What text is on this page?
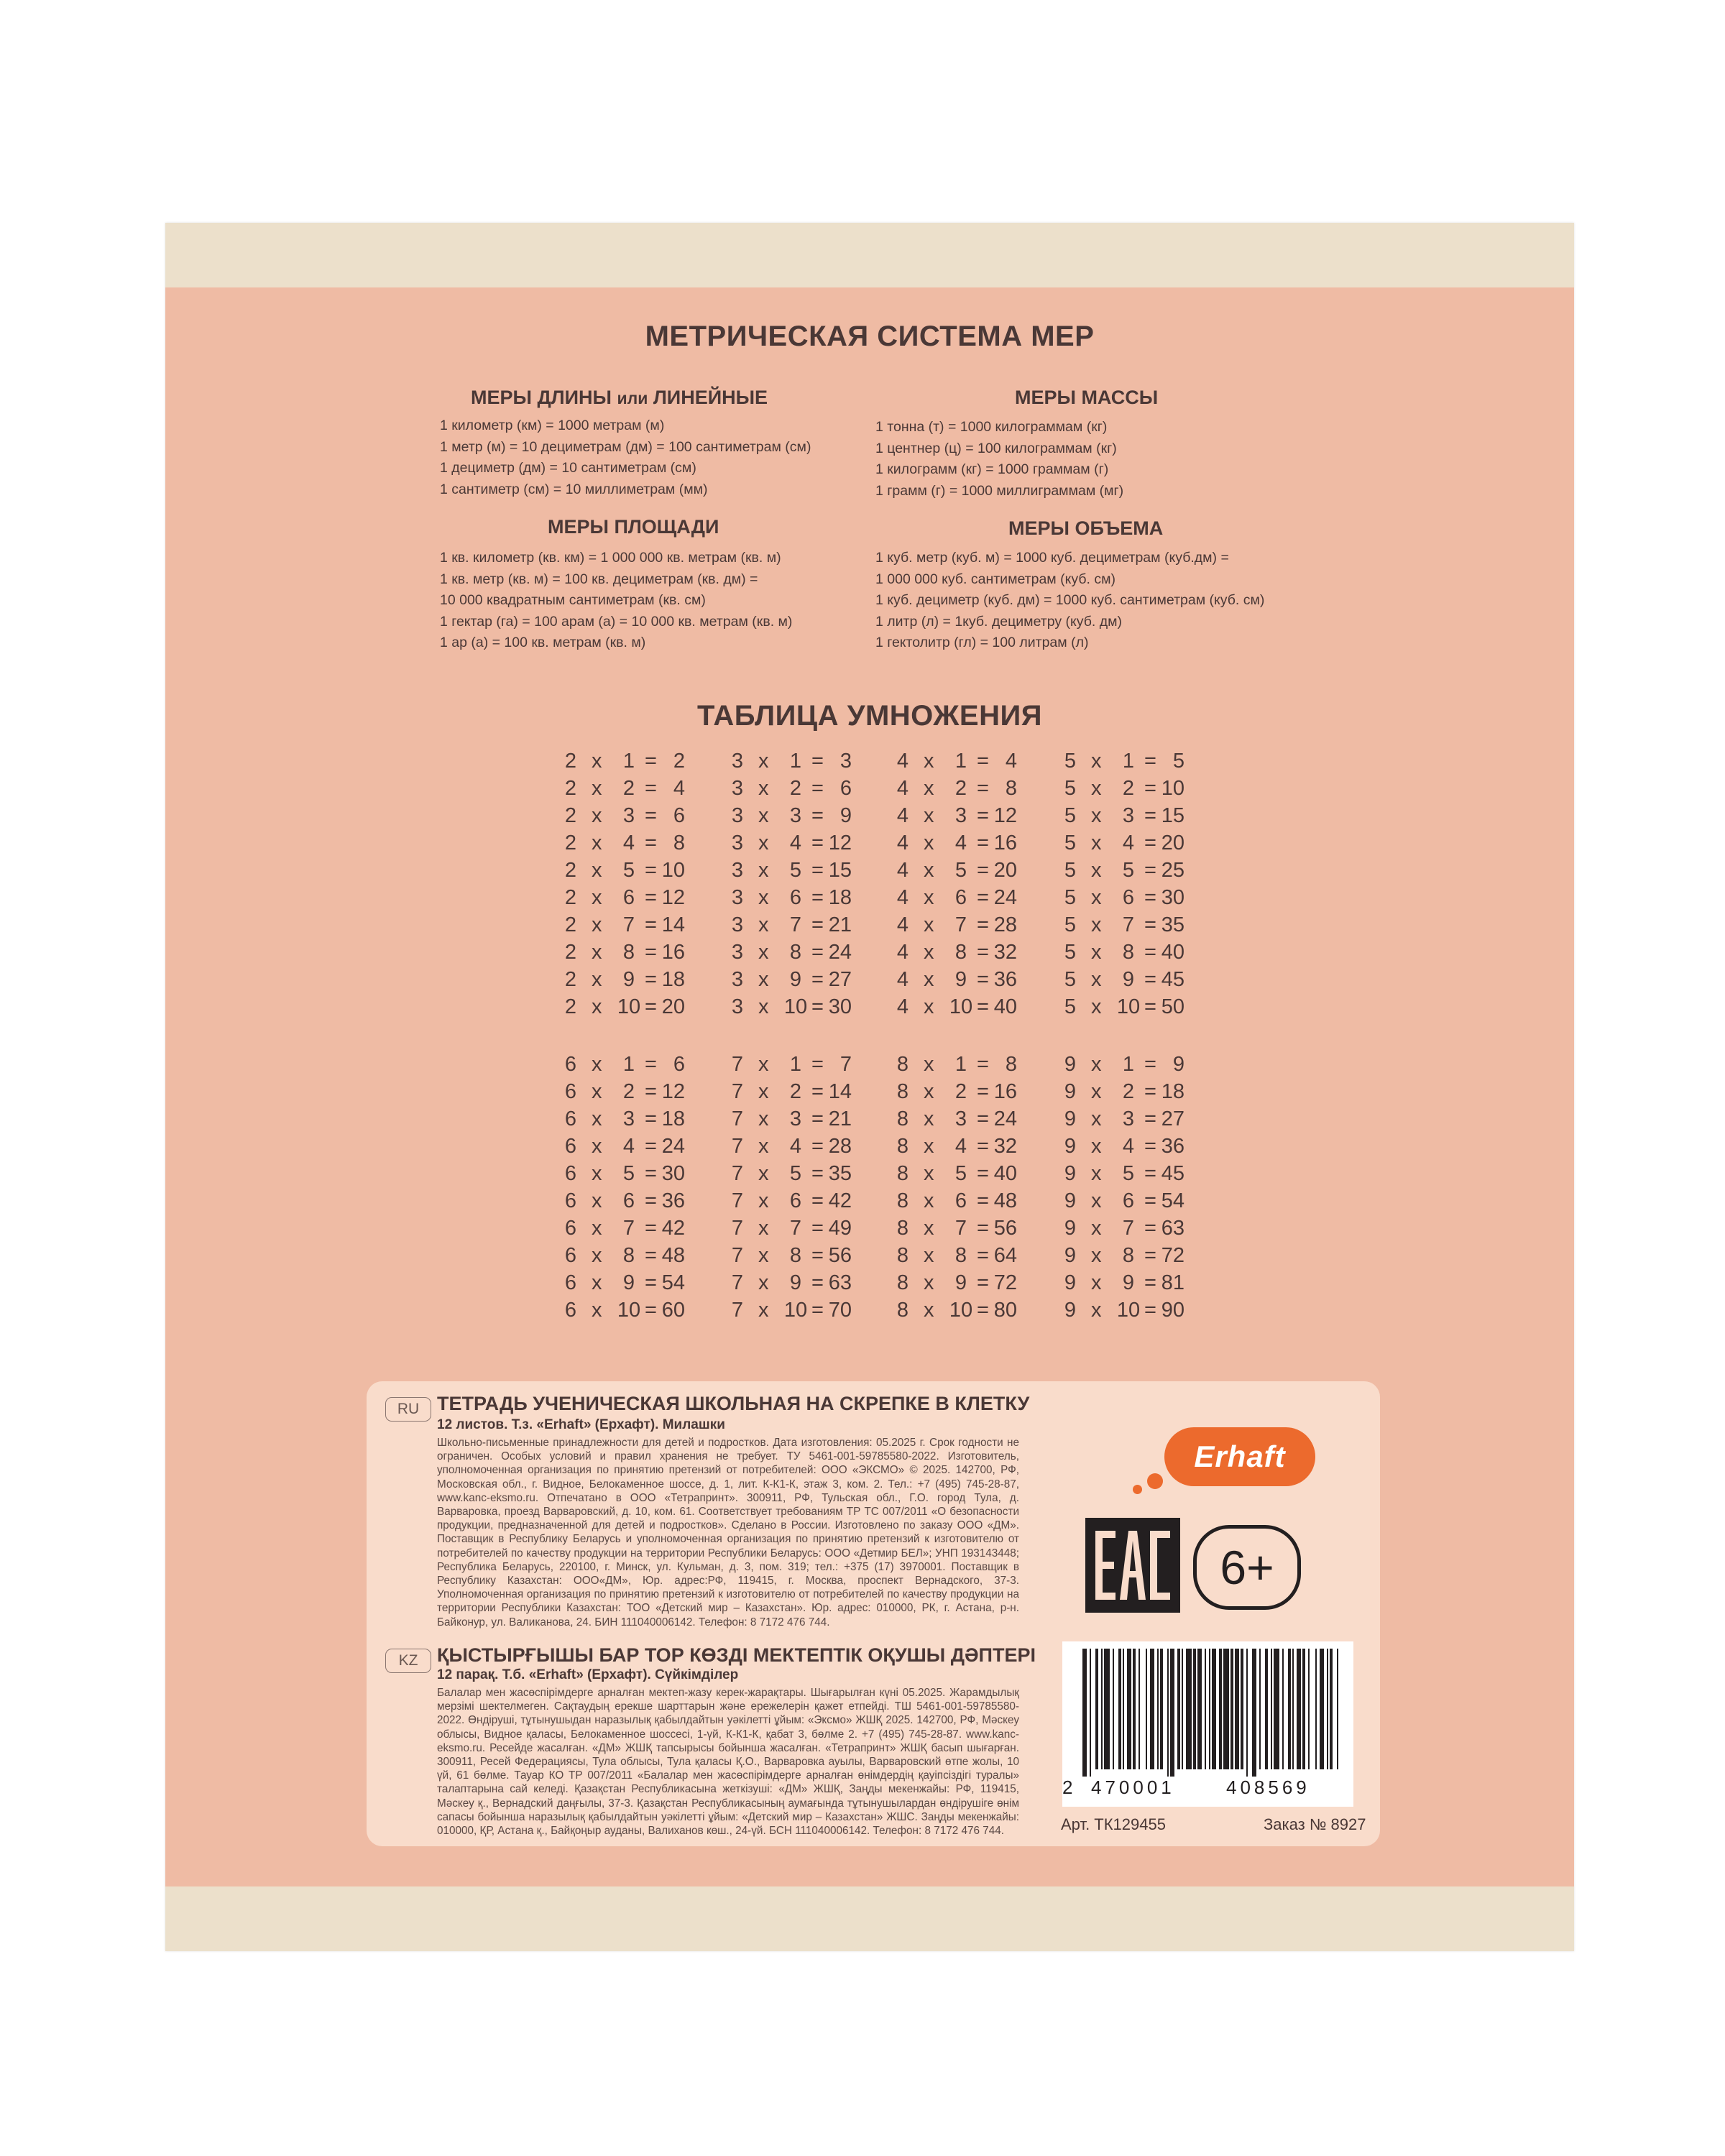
МЕТРИЧЕСКАЯ СИСТЕМА МЕР
МЕРЫ ДЛИНЫ или ЛИНЕЙНЫЕ
1 километр (км) = 1000 метрам (м)
1 метр (м) = 10 дециметрам (дм) = 100 сантиметрам (см)
1 дециметр (дм) = 10 сантиметрам (см)
1 сантиметр (см) = 10 миллиметрам (мм)
МЕРЫ МАССЫ
1 тонна (т) = 1000 килограммам (кг)
1 центнер (ц) = 100 килограммам (кг)
1 килограмм (кг) = 1000 граммам (г)
1 грамм (г) = 1000 миллиграммам (мг)
МЕРЫ ПЛОЩАДИ
1 кв. километр (кв. км) = 1 000 000 кв. метрам (кв. м)
1 кв. метр (кв. м) = 100 кв. дециметрам (кв. дм) =
10 000 квадратным сантиметрам (кв. см)
1 гектар (га) = 100 арам (а) = 10 000 кв. метрам (кв. м)
1 ар (а) = 100 кв. метрам (кв. м)
МЕРЫ ОБЪЕМА
1 куб. метр (куб. м) = 1000 куб. дециметрам (куб.дм) =
1 000 000 куб. сантиметрам (куб. см)
1 куб. дециметр (куб. дм) = 1000 куб. сантиметрам (куб. см)
1 литр (л) = 1куб. дециметру (куб. дм)
1 гектолитр (гл) = 100 литрам (л)
ТАБЛИЦА УМНОЖЕНИЯ
2 x	1 = 2
2 x	2 = 4
2 x	3 = 6
2 x	4 = 8
2 x	5 = 10
2 x	6 = 12
2 x	7 = 14
2 x	8 = 16
2 x	9 = 18
2 x 10 = 20
3 x	1 = 3
3 x	2 = 6
3 x	3 = 9
3 x	4 = 12
3 x	5 = 15
3 x	6 = 18
3 x	7 = 21
3 x	8 = 24
3 x	9 = 27
3 x 10 = 30
4 x	1 = 4
4 x	2 = 8
4 x	3 = 12
4 x	4 = 16
4 x	5 = 20
4 x	6 = 24
4 x	7 = 28
4 x	8 = 32
4 x	9 = 36
4 x 10 = 40
5 x	1 = 5
5 x	2 = 10
5 x	3 = 15
5 x	4 = 20
5 x	5 = 25
5 x	6 = 30
5 x	7 = 35
5 x	8 = 40
5 x	9 = 45
5 x 10 = 50
6 x	1 = 6
6 x	2 = 12
6 x	3 = 18
6 x	4 = 24
6 x	5 = 30
6 x	6 = 36
6 x	7 = 42
6 x	8 = 48
6 x	9 = 54
6 x 10 = 60
7 x	1 = 7
7 x	2 = 14
7 x	3 = 21
7 x	4 = 28
7 x	5 = 35
7 x	6 = 42
7 x	7 = 49
7 x	8 = 56
7 x	9 = 63
7 x 10 = 70
8 x	1 = 8
8 x	2 = 16
8 x	3 = 24
8 x	4 = 32
8 x	5 = 40
8 x	6 = 48
8 x	7 = 56
8 x	8 = 64
8 x	9 = 72
8 x 10 = 80
9 x	1 = 9
9 x	2 = 18
9 x	3 = 27
9 x	4 = 36
9 x	5 = 45
9 x	6 = 54
9 x	7 = 63
9 x	8 = 72
9 x	9 = 81
9 x 10 = 90
RU ТЕТРАДЬ УЧЕНИЧЕСКАЯ ШКОЛЬНАЯ НА СКРЕПКЕ В КЛЕТКУ
12 листов. Т.з. «Erhaft» (Ерхафт). Милашки
Школьно-письменные принадлежности для детей и подростков. Дата изготовления: 05.2025 г. Срок годности не ограничен. Особых условий и правил хранения не требует. ТУ 5461-001-59785580-2022. Изготовитель, уполномоченная организация по принятию претензий от потребителей: ООО «ЭКСМО» © 2025. 142700, РФ, Московская обл., г. Видное, Белокаменное шоссе, д. 1, лит. К-К1-К, этаж 3, ком. 2. Тел.: +7 (495) 745-28-87, www.kanc-eksmo.ru. Отпечатано в ООО «Тетрапринт». 300911, РФ, Тульская обл., Г.О. город Тула, д. Варваровка, проезд Варваровский, д. 10, ком. 61. Соответствует требованиям ТР ТС 007/2011 «О безопасности продукции, предназначенной для детей и подростков». Сделано в России. Изготовлено по заказу ООО «ДМ». Поставщик в Республику Беларусь и уполномоченная организация по принятию претензий к изготовителю от потребителей по качеству продукции на территории Республики Беларусь: ООО «Детмир БЕЛ»; УНП 193143448; Республика Беларусь, 220100, г. Минск, ул. Кульман, д. 3, пом. 319; тел.: +375 (17) 3970001. Поставщик в Республику Казахстан: ООО«ДМ», Юр. адрес:РФ, 119415, г. Москва, проспект Вернадского, 37-3. Уполномоченная организация по принятию претензий к изготовителю от потребителей по качеству продукции на территории Республики Казахстан: ТОО «Детский мир – Казахстан». Юр. адрес: 010000, РК, г. Астана, р-н. Байконур, ул. Валиканова, 24. БИН 111040006142. Телефон: 8 7172 476 744.
KZ ҚЫСТЫРҒЫШЫ БАР ТОР КӨЗДІ МЕКТЕПТІК ОҚУШЫ ДӘПТЕРІ
12 парақ. Т.б. «Erhaft» (Ерхафт). Сүйкімділер
Балалар мен жасөспірімдерге арналған мектеп-жазу керек-жарақтары. Шығарылған күні 05.2025. Жарамдылық мерзімі шектелмеген. Сақтаудың ерекше шарттарын және ережелерін қажет етпейді. ТШ 5461-001-59785580-2022. Өндіруші, тұтынушыдан наразылық қабылдайтын уәкілетті ұйым: «Эксмо» ЖШҚ 2025. 142700, РФ, Мәскеу облысы, Видное қаласы, Белокаменное шоссесі, 1-үй, К-К1-К, қабат 3, бөлме 2. +7 (495) 745-28-87. www.kanc-eksmo.ru. Ресейде жасалған. «ДМ» ЖШҚ тапсырысы бойынша жасалған. «Тетрапринт» ЖШҚ басып шығарған. 300911, Ресей Федерациясы, Тула облысы, Тула қаласы Қ.О., Варваровка ауылы, Варваровский өтпе жолы, 10 үй, 61 бөлме. Тауар КО ТР 007/2011 «Балалар мен жасөспірімдерге арналған өнімдердің қауіпсіздігі туралы» талаптарына сай келеді. Қазақстан Республикасына жеткізуші: «ДМ» ЖШҚ, Заңды мекенжайы: РФ, 119415, Мәскеу қ., Вернадский даңғылы, 37-3. Қазақстан Республикасының аумағында тұтынушылардан өндірушіге өнім сапасы бойынша наразылық қабылдайтын уәкілетті ұйым: «Детский мир – Казахстан» ЖШС. Заңды мекенжайы: 010000, ҚР, Астана қ., Байқоңыр ауданы, Валиханов көш., 24-үй. БСН 111040006142. Телефон: 8 7172 476 744.
Erhaft
6+
2 470001	408569
Арт. ТК129455	Заказ № 8927
